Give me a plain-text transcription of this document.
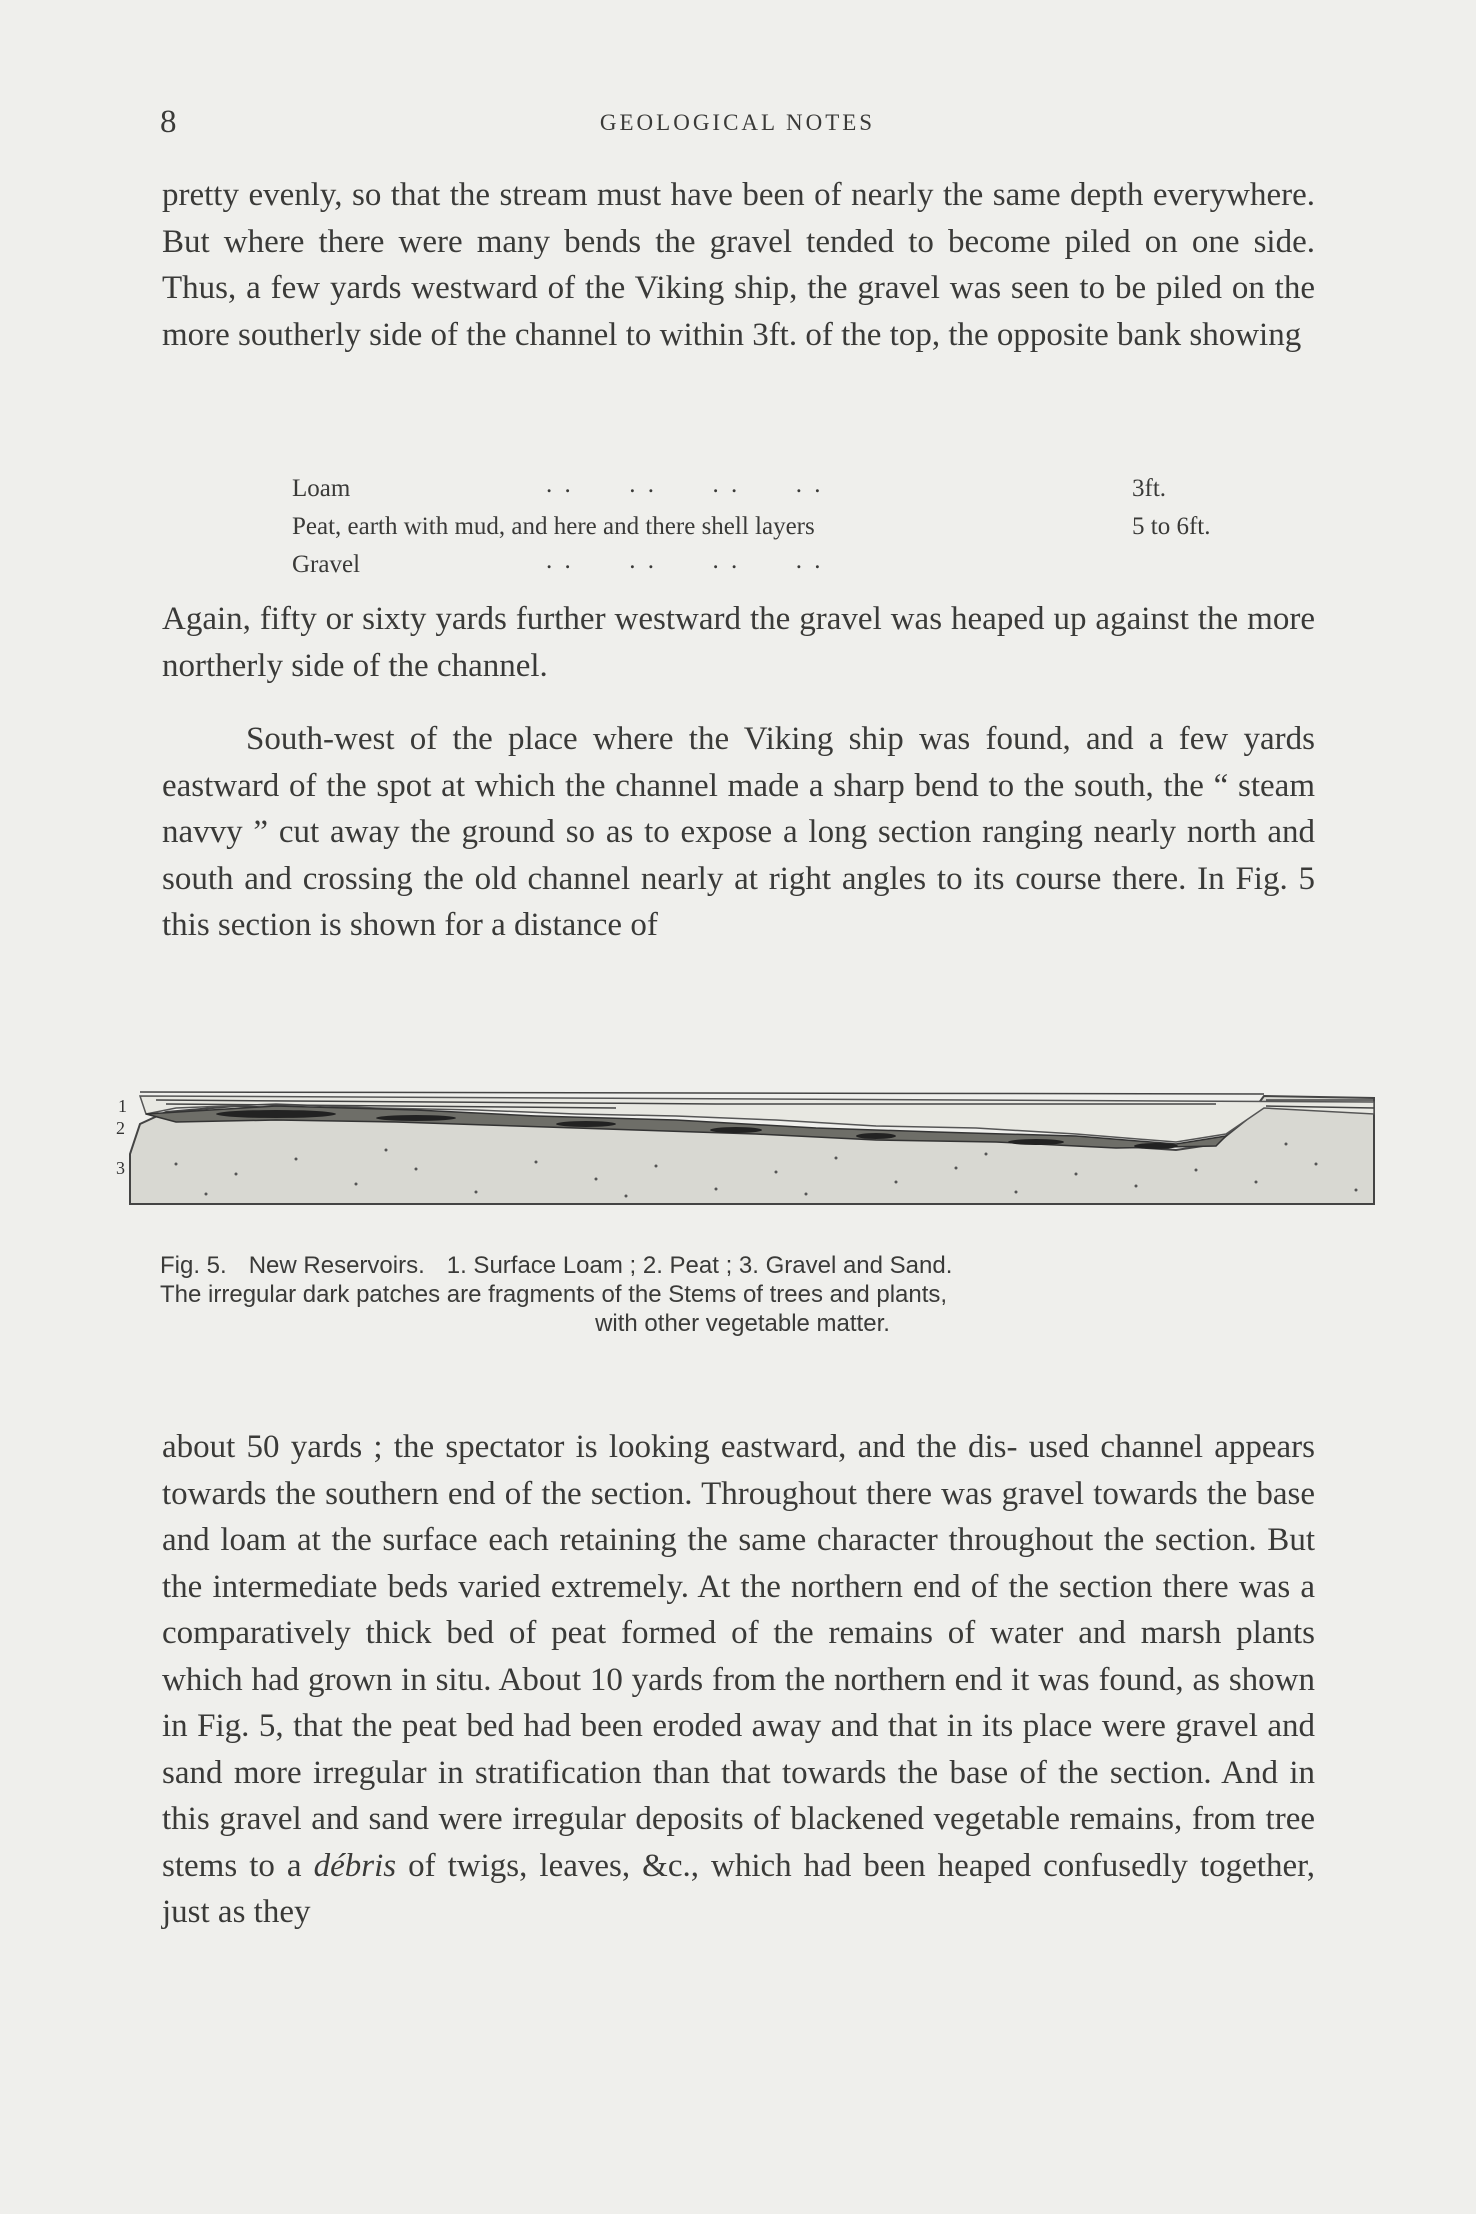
8	GEOLOGICAL NOTES

pretty evenly, so that the stream must have been of nearly the same depth everywhere. But where there were many bends the gravel tended to become piled on one side. Thus, a few yards westward of the Viking ship, the gravel was seen to be piled on the more southerly side of the channel to within 3ft. of the top, the opposite bank showing

Loam	. .      . .      . .      . .	3ft.
Peat, earth with mud, and here and there shell layers	5 to 6ft.
Gravel	. .      . .      . .      . .

Again, fifty or sixty yards further westward the gravel was heaped up against the more northerly side of the channel.

South-west of the place where the Viking ship was found, and a few yards eastward of the spot at which the channel made a sharp bend to the south, the “ steam navvy ” cut away the ground so as to expose a long section ranging nearly north and south and crossing the old channel nearly at right angles to its course there. In Fig. 5 this section is shown for a distance of

1
2
3
Fig. 5. New Reservoirs. 1. Surface Loam ; 2. Peat ; 3. Gravel and Sand.
The irregular dark patches are fragments of the Stems of trees and plants,
with other vegetable matter.

about 50 yards ; the spectator is looking eastward, and the dis- used channel appears towards the southern end of the section. Throughout there was gravel towards the base and loam at the surface each retaining the same character throughout the section. But the intermediate beds varied extremely. At the northern end of the section there was a comparatively thick bed of peat formed of the remains of water and marsh plants which had grown in situ. About 10 yards from the northern end it was found, as shown in Fig. 5, that the peat bed had been eroded away and that in its place were gravel and sand more irregular in stratification than that towards the base of the section. And in this gravel and sand were irregular deposits of blackened vegetable remains, from tree stems to a débris of twigs, leaves, &c., which had been heaped confusedly together, just as they
